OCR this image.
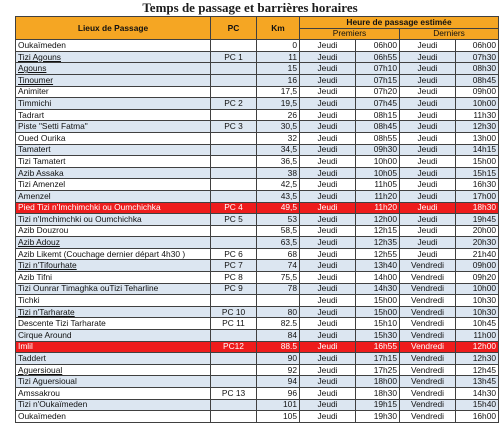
Temps de passage et barrières horaires
Lieux de Passage	PC	Km	Heure de passage estimée			
			Premiers		Derniers	
Oukaïmeden		0	Jeudi	06h00	Jeudi	06h00
Tizi Agouns	PC 1	11	Jeudi	06h55	Jeudi	07h30
Agouns		15	Jeudi	07h10	Jeudi	08h30
Tinoumer		16	Jeudi	07h15	Jeudi	08h45
Animiter		17,5	Jeudi	07h20	Jeudi	09h00
Timmichi	PC 2	19,5	Jeudi	07h45	Jeudi	10h00
Tadrart		26	Jeudi	08h15	Jeudi	11h30
Piste "Setti Fatma"	PC 3	30,5	Jeudi	08h45	Jeudi	12h30
Oued Ourika		32	Jeudi	08h55	Jeudi	13h00
Tamatert		34,5	Jeudi	09h30	Jeudi	14h15
Tizi Tamatert		36,5	Jeudi	10h00	Jeudi	15h00
Azib Assaka		38	Jeudi	10h05	Jeudi	15h15
Tizi Amenzel		42,5	Jeudi	11h05	Jeudi	16h30
Amenzel		43,5	Jeudi	11h20	Jeudi	17h00
Pied Tizi n'Imchimchki ou Oumchichka	PC 4	49,5	Jeudi	11h20	Jeudi	18h30
Tizi n'Imchimchki ou Oumchichka	PC 5	53	Jeudi	12h00	Jeudi	19h45
Azib Douzrou		58,5	Jeudi	12h15	Jeudi	20h00
Azib Adouz		63,5	Jeudi	12h35	Jeudi	20h30
Azib Likemt (Couchage dernier départ 4h30 )	PC 6	68	Jeudi	12h55	Jeudi	21h40
Tizi n'Tifourhate	PC 7	74	Jeudi	13h40	Vendredi	09h00
Azib Tifni	PC 8	75,5	Jeudi	14h00	Vendredi	09h20
Tizi Ounrar Timaghka ouTizi Teharline	PC 9	78	Jeudi	14h30	Vendredi	10h00
Tichki			Jeudi	15h00	Vendredi	10h30
Tizi n'Tarharate	PC 10	80	Jeudi	15h00	Vendredi	10h30
Descente Tizi Tarharate	PC 11	82.5	Jeudi	15h10	Vendredi	10h45
Cirque Around		84	Jeudi	15h30	Vendredi	11h00
Imlil	PC12	88.5	Jeudi	16h55	Vendredi	12h00
Taddert		90	Jeudi	17h15	Vendredi	12h30
Aguersioual		92	Jeudi	17h25	Vendredi	12h45
Tizi Aguersioual		94	Jeudi	18h00	Vendredi	13h45
Amssakrou	PC 13	96	Jeudi	18h30	Vendredi	14h30
Tizi n'Oukaïmeden		101	Jeudi	19h15	Vendredi	15h40
Oukaïmeden		105	Jeudi	19h30	Vendredi	16h00
